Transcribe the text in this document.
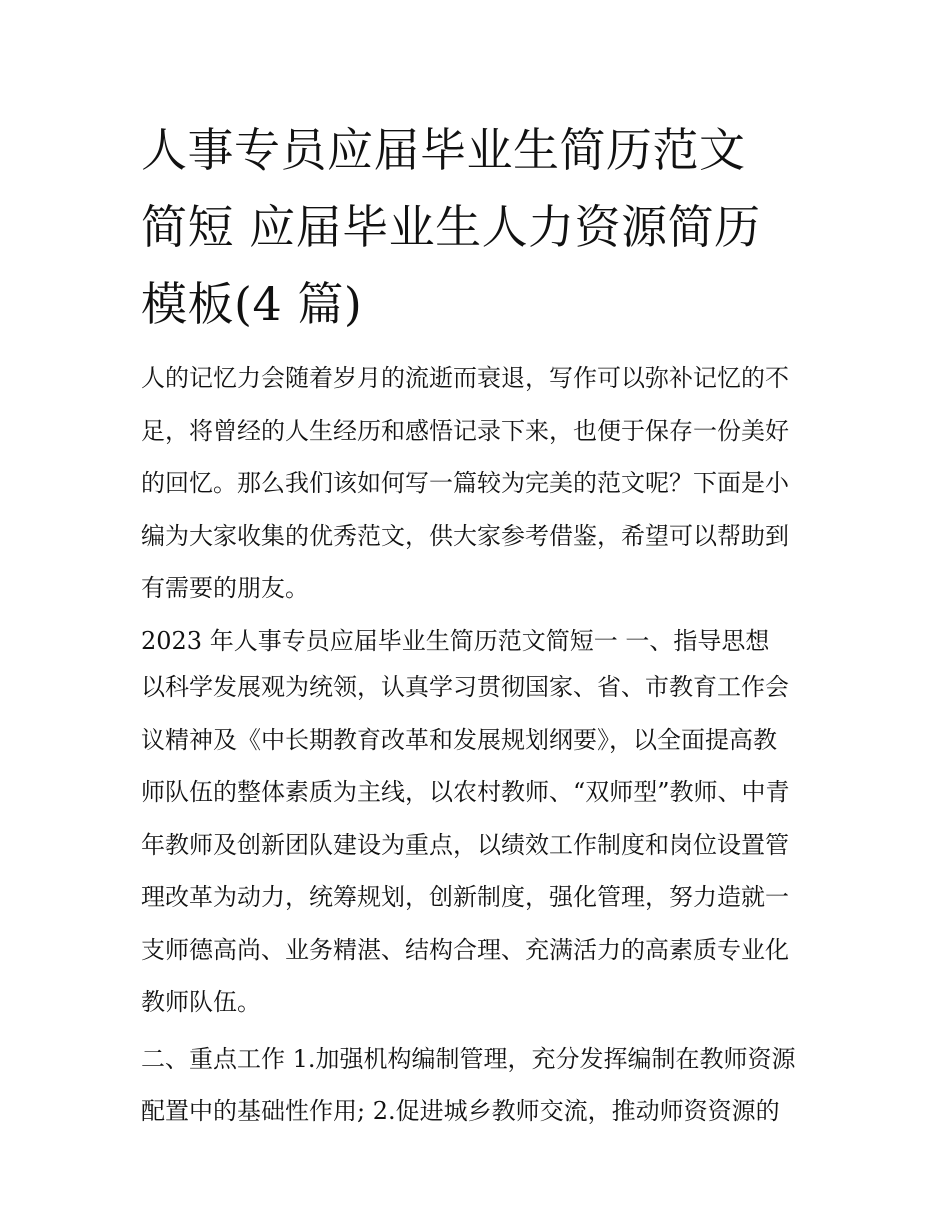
人事专员应届毕业生简历范文
简短 应届毕业生人力资源简历
模板(4 篇)

人的记忆力会随着岁月的流逝而衰退，写作可以弥补记忆的不
足，将曾经的人生经历和感悟记录下来，也便于保存一份美好
的回忆。那么我们该如何写一篇较为完美的范文呢？下面是小
编为大家收集的优秀范文，供大家参考借鉴，希望可以帮助到
有需要的朋友。

2023 年人事专员应届毕业生简历范文简短一 一、指导思想

以科学发展观为统领，认真学习贯彻国家、省、市教育工作会
议精神及《中长期教育改革和发展规划纲要》，以全面提高教
师队伍的整体素质为主线，以农村教师、“双师型”教师、中青
年教师及创新团队建设为重点，以绩效工作制度和岗位设置管
理改革为动力，统筹规划，创新制度，强化管理，努力造就一
支师德高尚、业务精湛、结构合理、充满活力的高素质专业化
教师队伍。

二、重点工作 1.加强机构编制管理，充分发挥编制在教师资源
配置中的基础性作用; 2.促进城乡教师交流，推动师资资源的
